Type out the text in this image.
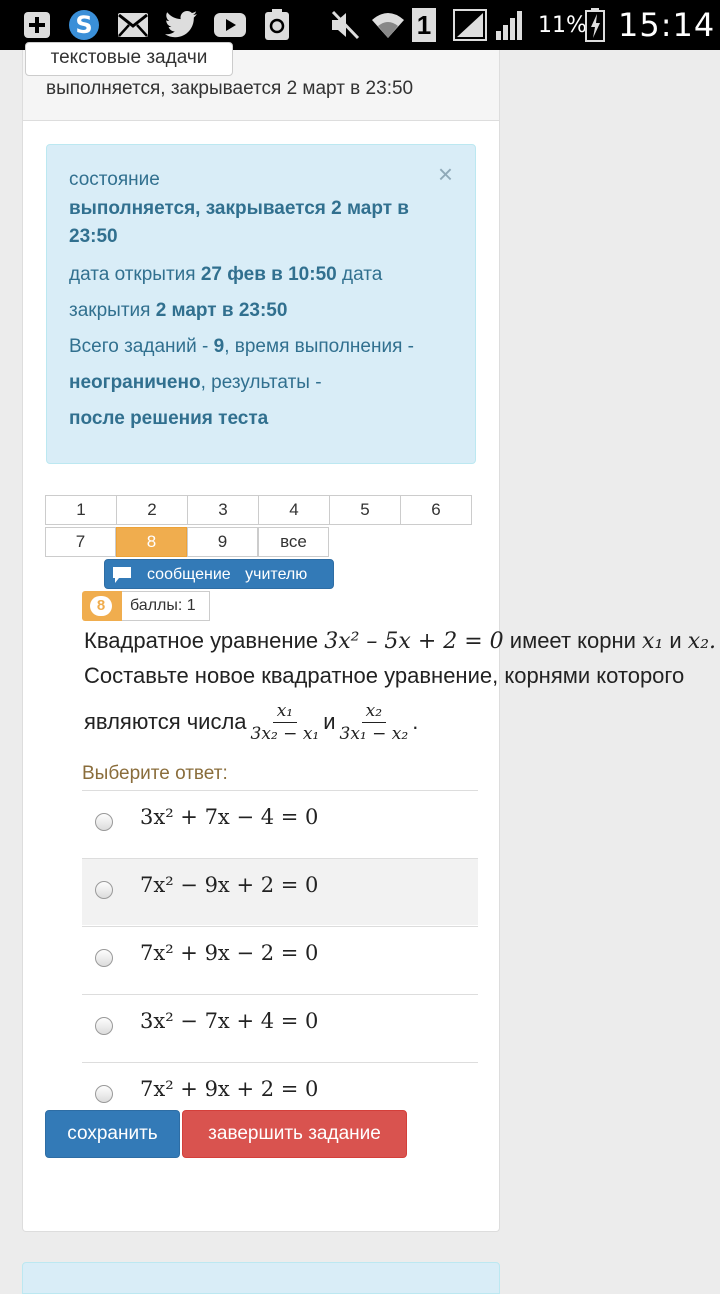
S	1	11% 15:14
текстовые задачи
выполняется, закрывается 2 март в 23:50
×

состояние

выполняется, закрывается 2 март в 23:50

дата открытия 27 фев в 10:50 дата
закрытия 2 март в 23:50

Всего заданий - 9, время выполнения -
неограничено, результаты -
после решения теста

1	2	3	4	5	6
7	8	9	все
сообщение учителю
8	баллы: 1
Квадратное уравнение 3x² – 5x + 2 = 0 имеет корни x₁ и x₂.
Составьте новое квадратное уравнение, корнями которого
являются числа $\frac{\text{x₁}}{\text{3x₂ − x₁}}$ и $\frac{\text{x₂}}{\text{3x₁ − x₂}}$ .
Выберите ответ:
3x² + 7x − 4 = 0
7x² − 9x + 2 = 0
7x² + 9x − 2 = 0
3x² − 7x + 4 = 0
7x² + 9x + 2 = 0
сохранить	завершить задание
